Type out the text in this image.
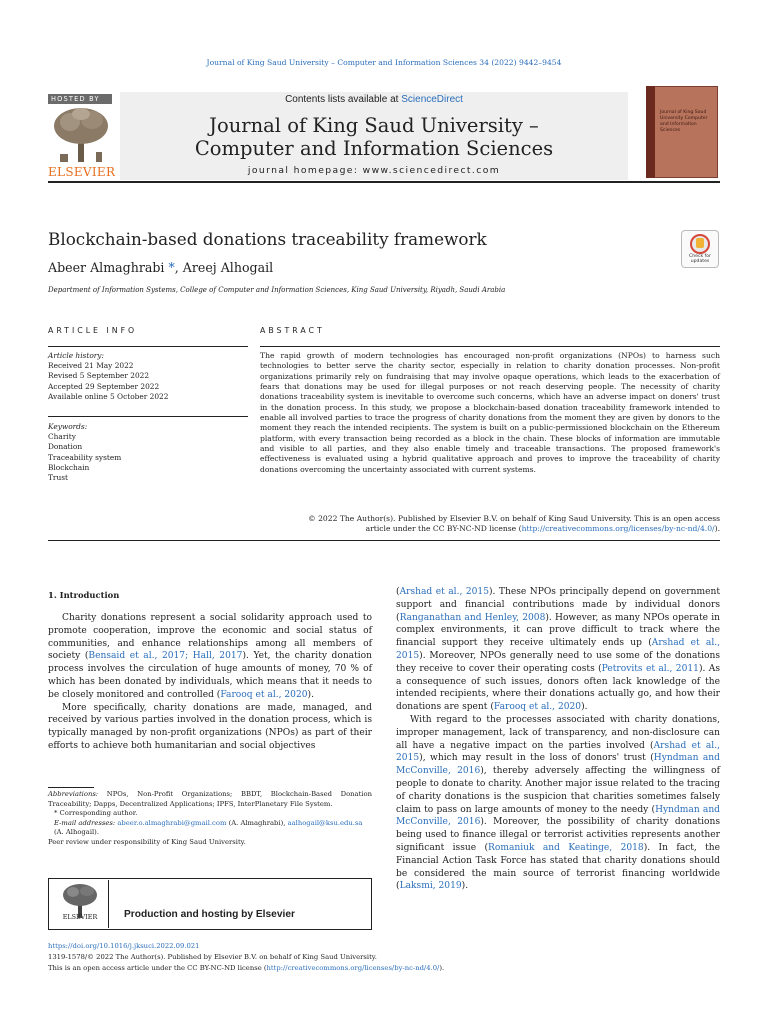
Journal of King Saud University – Computer and Information Sciences 34 (2022) 9442–9454
HOSTED BY
ELSEVIER
Contents lists available at ScienceDirect
Journal of King Saud University –
Computer and Information Sciences
journal homepage: www.sciencedirect.com
Journal of King Saud University Computer and Information Sciences
Blockchain-based donations traceability framework
Abeer Almaghrabi *, Areej Alhogail
Department of Information Systems, College of Computer and Information Sciences, King Saud University, Riyadh, Saudi Arabia
Check for
updates
ARTICLE INFO
Article history:
Received 21 May 2022
Revised 5 September 2022
Accepted 29 September 2022
Available online 5 October 2022
Keywords:
Charity
Donation
Traceability system
Blockchain
Trust
ABSTRACT
The rapid growth of modern technologies has encouraged non-profit organizations (NPOs) to harness such technologies to better serve the charity sector, especially in relation to charity donation processes. Non-profit organizations primarily rely on fundraising that may involve opaque operations, which leads to the exacerbation of fears that donations may be used for illegal purposes or not reach deserving people. The necessity of charity donations traceability system is inevitable to overcome such concerns, which have an adverse impact on doners' trust in the donation process. In this study, we propose a blockchain-based donation traceability framework intended to enable all involved parties to trace the progress of charity donations from the moment they are given by donors to the moment they reach the intended recipients. The system is built on a public-permissioned blockchain on the Ethereum platform, with every transaction being recorded as a block in the chain. These blocks of information are immutable and visible to all parties, and they also enable timely and traceable transactions. The proposed framework's effectiveness is evaluated using a hybrid qualitative approach and proves to improve the traceability of charity donations overcoming the uncertainty associated with current systems.
© 2022 The Author(s). Published by Elsevier B.V. on behalf of King Saud University. This is an open access
article under the CC BY-NC-ND license (http://creativecommons.org/licenses/by-nc-nd/4.0/).
1. Introduction

Charity donations represent a social solidarity approach used to promote cooperation, improve the economic and social status of communities, and enhance relationships among all members of society (Bensaid et al., 2017; Hall, 2017). Yet, the charity donation process involves the circulation of huge amounts of money, 70 % of which has been donated by individuals, which means that it needs to be closely monitored and controlled (Farooq et al., 2020).

More specifically, charity donations are made, managed, and received by various parties involved in the donation process, which is typically managed by non-profit organizations (NPOs) as part of their efforts to achieve both humanitarian and social objectives

(Arshad et al., 2015). These NPOs principally depend on government support and financial contributions made by individual donors (Ranganathan and Henley, 2008). However, as many NPOs operate in complex environments, it can prove difficult to track where the financial support they receive ultimately ends up (Arshad et al., 2015). Moreover, NPOs generally need to use some of the donations they receive to cover their operating costs (Petrovits et al., 2011). As a consequence of such issues, donors often lack knowledge of the intended recipients, where their donations actually go, and how their donations are spent (Farooq et al., 2020).

With regard to the processes associated with charity donations, improper management, lack of transparency, and non-disclosure can all have a negative impact on the parties involved (Arshad et al., 2015), which may result in the loss of donors' trust (Hyndman and McConville, 2016), thereby adversely affecting the willingness of people to donate to charity. Another major issue related to the tracing of charity donations is the suspicion that charities sometimes falsely claim to pass on large amounts of money to the needy (Hyndman and McConville, 2016). Moreover, the possibility of charity donations being used to finance illegal or terrorist activities represents another significant issue (Romaniuk and Keatinge, 2018). In fact, the Financial Action Task Force has stated that charity donations should be considered the main source of terrorist financing worldwide (Laksmi, 2019).

Abbreviations: NPOs, Non-Profit Organizations; BBDT, Blockchain-Based Donation Traceability; Dapps, Decentralized Applications; IPFS, InterPlanetary File System.
* Corresponding author.
E-mail addresses: abeer.o.almaghrabi@gmail.com (A. Almaghrabi), aalhogail@ksu.edu.sa (A. Alhogail).
Peer review under responsibility of King Saud University.
ELSEVIER	Production and hosting by Elsevier
https://doi.org/10.1016/j.jksuci.2022.09.021
1319-1578/© 2022 The Author(s). Published by Elsevier B.V. on behalf of King Saud University.
This is an open access article under the CC BY-NC-ND license (http://creativecommons.org/licenses/by-nc-nd/4.0/).
